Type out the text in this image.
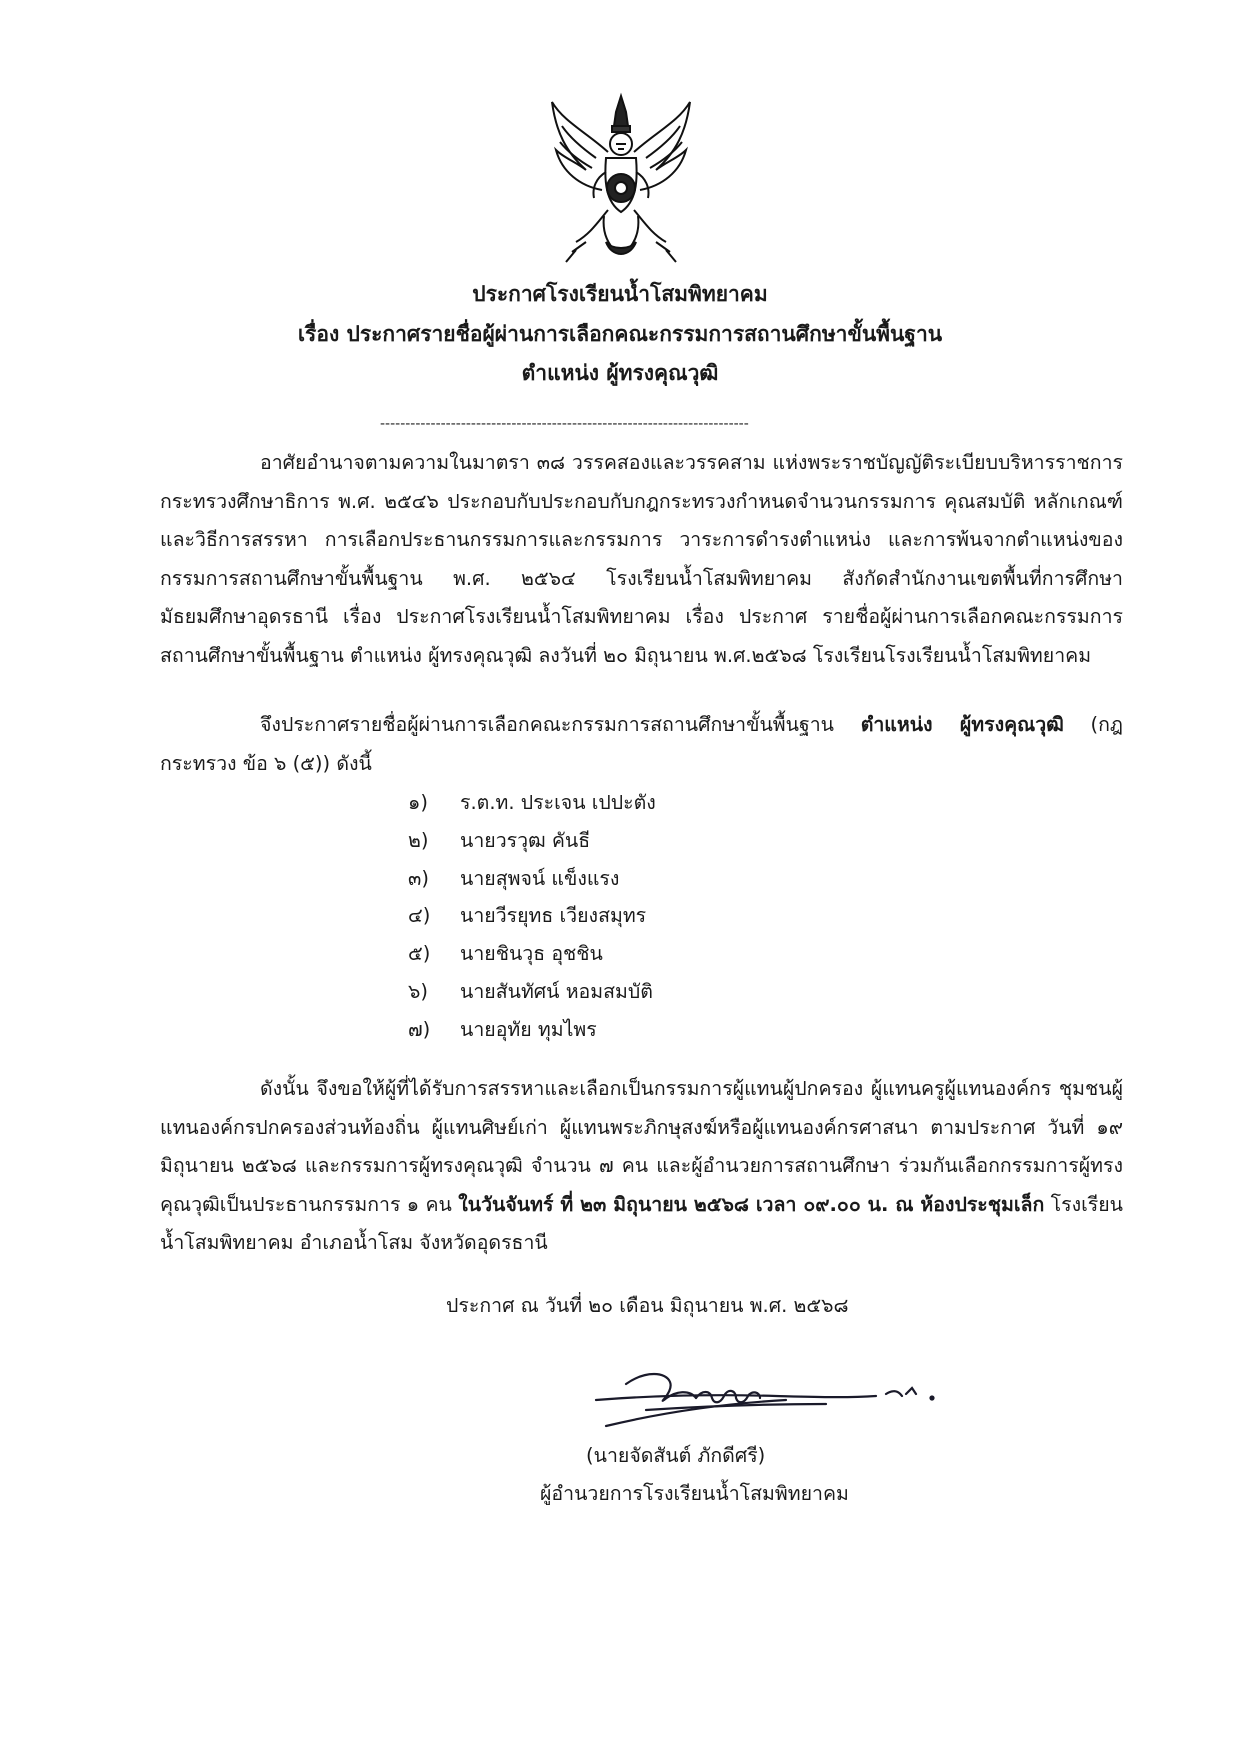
ประกาศโรงเรียนน้ำโสมพิทยาคม
เรื่อง ประกาศรายชื่อผู้ผ่านการเลือกคณะกรรมการสถานศึกษาขั้นพื้นฐาน
ตำแหน่ง ผู้ทรงคุณวุฒิ
-------------------------------------------------------------------------
อาศัยอำนาจตามความในมาตรา ๓๘ วรรคสองและวรรคสาม แห่งพระราชบัญญัติระเบียบบริหารราชการกระทรวงศึกษาธิการ พ.ศ. ๒๕๔๖ ประกอบกับประกอบกับกฎกระทรวงกำหนดจำนวนกรรมการ คุณสมบัติ หลักเกณฑ์ และวิธีการสรรหา การเลือกประธานกรรมการและกรรมการ วาระการดำรงตำแหน่ง และการพ้นจากตำแหน่งของกรรมการสถานศึกษาขั้นพื้นฐาน พ.ศ. ๒๕๖๔ โรงเรียนน้ำโสมพิทยาคม สังกัดสำนักงานเขตพื้นที่การศึกษามัธยมศึกษาอุดรธานี เรื่อง ประกาศโรงเรียนน้ำโสมพิทยาคม เรื่อง ประกาศ รายชื่อผู้ผ่านการเลือกคณะกรรมการสถานศึกษาขั้นพื้นฐาน ตำแหน่ง ผู้ทรงคุณวุฒิ ลงวันที่ ๒๐ มิถุนายน พ.ศ.๒๕๖๘ โรงเรียนโรงเรียนน้ำโสมพิทยาคม
จึงประกาศรายชื่อผู้ผ่านการเลือกคณะกรรมการสถานศึกษาขั้นพื้นฐาน ตำแหน่ง ผู้ทรงคุณวุฒิ (กฎกระทรวง ข้อ ๖ (๕)) ดังนี้
๑) ร.ต.ท. ประเจน เปปะตัง
๒) นายวรวุฒ คันธี
๓) นายสุพจน์ แข็งแรง
๔) นายวีรยุทธ เวียงสมุทร
๕) นายชินวุธ อุชชิน
๖) นายสันทัศน์ หอมสมบัติ
๗) นายอุทัย ทุมไพร
ดังนั้น จึงขอให้ผู้ที่ได้รับการสรรหาและเลือกเป็นกรรมการผู้แทนผู้ปกครอง ผู้แทนครูผู้แทนองค์กร ชุมชนผู้แทนองค์กรปกครองส่วนท้องถิ่น ผู้แทนศิษย์เก่า ผู้แทนพระภิกษุสงฆ์หรือผู้แทนองค์กรศาสนา ตามประกาศ วันที่ ๑๙ มิถุนายน ๒๕๖๘ และกรรมการผู้ทรงคุณวุฒิ จำนวน ๗ คน และผู้อำนวยการสถานศึกษา ร่วมกันเลือกกรรมการผู้ทรงคุณวุฒิเป็นประธานกรรมการ ๑ คน ในวันจันทร์ ที่ ๒๓ มิถุนายน ๒๕๖๘ เวลา ๐๙.๐๐ น. ณ ห้องประชุมเล็ก โรงเรียนน้ำโสมพิทยาคม อำเภอน้ำโสม จังหวัดอุดรธานี
ประกาศ ณ วันที่ ๒๐ เดือน มิถุนายน พ.ศ. ๒๕๖๘
(นายจัดสันต์ ภักดีศรี)
ผู้อำนวยการโรงเรียนน้ำโสมพิทยาคม
